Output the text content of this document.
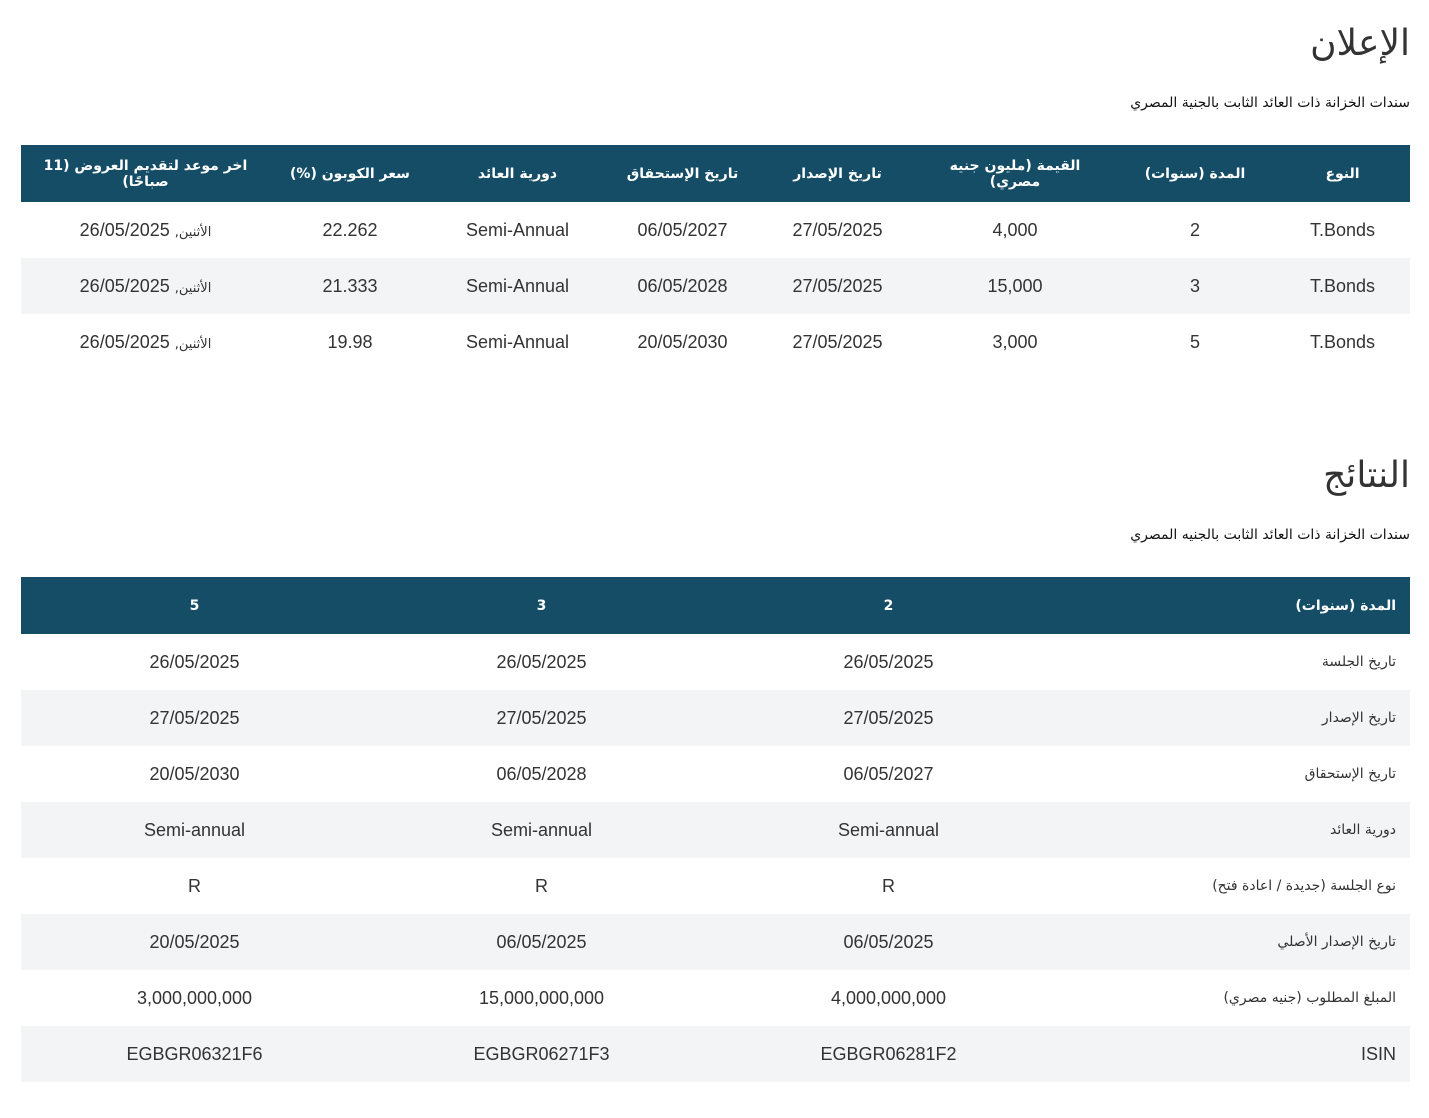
الإعلان
سندات الخزانة ذات العائد الثابت بالجنية المصري
النوع	المدة (سنوات)	القيمة (مليون جنيه مصري)	تاريخ الإصدار	تاريخ الإستحقاق	دورية العائد	سعر الكوبون (%)	اخر موعد لتقديم العروض (11 صباحًا)
T.Bonds	2	4,000	27/05/2025	06/05/2027	Semi-Annual	22.262	الأثنين, 26/05/2025
T.Bonds	3	15,000	27/05/2025	06/05/2028	Semi-Annual	21.333	الأثنين, 26/05/2025
T.Bonds	5	3,000	27/05/2025	20/05/2030	Semi-Annual	19.98	الأثنين, 26/05/2025
النتائج
سندات الخزانة ذات العائد الثابت بالجنيه المصري
المدة (سنوات)	2	3	5
تاريخ الجلسة	26/05/2025	26/05/2025	26/05/2025
تاريخ الإصدار	27/05/2025	27/05/2025	27/05/2025
تاريخ الإستحقاق	06/05/2027	06/05/2028	20/05/2030
دورية العائد	Semi-annual	Semi-annual	Semi-annual
نوع الجلسة (جديدة / اعادة فتح)	R	R	R
تاريخ الإصدار الأصلي	06/05/2025	06/05/2025	20/05/2025
المبلغ المطلوب (جنيه مصري)	4,000,000,000	15,000,000,000	3,000,000,000
ISIN	EGBGR06281F2	EGBGR06271F3	EGBGR06321F6
